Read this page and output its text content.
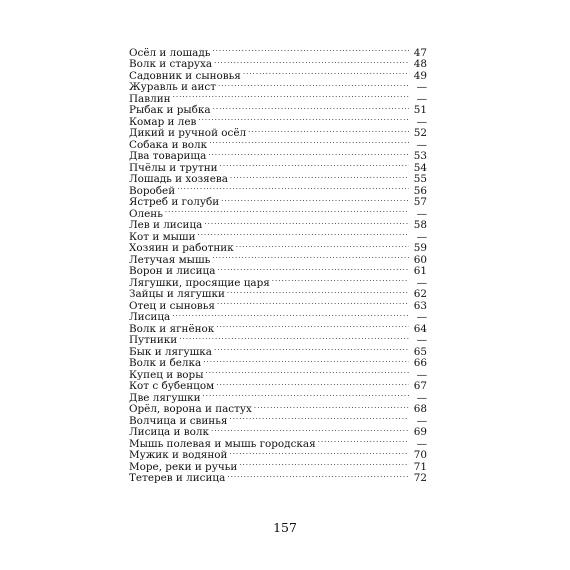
Осёл и лошадь . . .	47
Волк и старуха . . .	48
Садовник и сыновья . . .	49
Журавль и аист . . .	—
Павлин . . .	—
Рыбак и рыбка . . .	51
Комар и лев . . .	—
Дикий и ручной осёл . . .	52
Собака и волк . . .	—
Два товарища . . .	53
Пчёлы и трутни . . .	54
Лошадь и хозяева . . .	55
Воробей . . .	56
Ястреб и голуби . . .	57
Олень . . .	—
Лев и лисица . . .	58
Кот и мыши . . .	—
Хозяин и работник . . .	59
Летучая мышь . . .	60
Ворон и лисица . . .	61
Лягушки, просящие царя . . .	—
Зайцы и лягушки . . .	62
Отец и сыновья . . .	63
Лисица . . .	—
Волк и ягнёнок . . .	64
Путники . . .	—
Бык и лягушка . . .	65
Волк и белка . . .	66
Купец и воры . . .	—
Кот с бубенцом . . .	67
Две лягушки . . .	—
Орёл, ворона и пастух . . .	68
Волчица и свинья . . .	—
Лисица и волк . . .	69
Мышь полевая и мышь городская . . .	—
Мужик и водяной . . .	70
Море, реки и ручьи . . .	71
Тетерев и лисица . . .	72
157
